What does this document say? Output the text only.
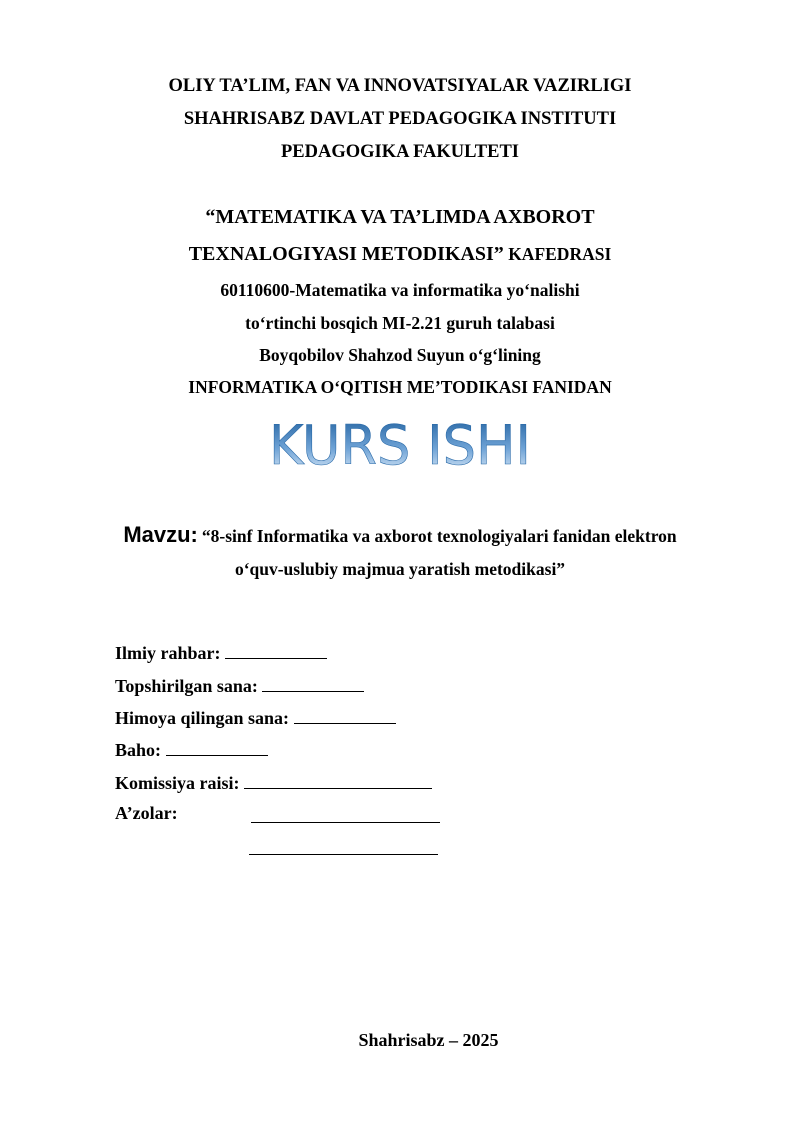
OLIY TA’LIM, FAN VA INNOVATSIYALAR VAZIRLIGI
SHAHRISABZ DAVLAT PEDAGOGIKA INSTITUTI
PEDAGOGIKA FAKULTETI
“MATEMATIKA VA TA’LIMDA AXBOROT
TEXNALOGIYASI METODIKASI” KAFEDRASI
60110600-Matematika va informatika yo‘nalishi
to‘rtinchi bosqich MI-2.21 guruh talabasi
Boyqobilov Shahzod Suyun o‘g‘lining
INFORMATIKA O‘QITISH ME’TODIKASI FANIDAN
KURS ISHI
Mavzu: “8-sinf Informatika va axborot texnologiyalari fanidan elektron
o‘quv-uslubiy majmua yaratish metodikasi”
Ilmiy rahbar:
Topshirilgan sana:
Himoya qilingan sana:
Baho:
Komissiya raisi:
A’zolar:
Shahrisabz – 2025
